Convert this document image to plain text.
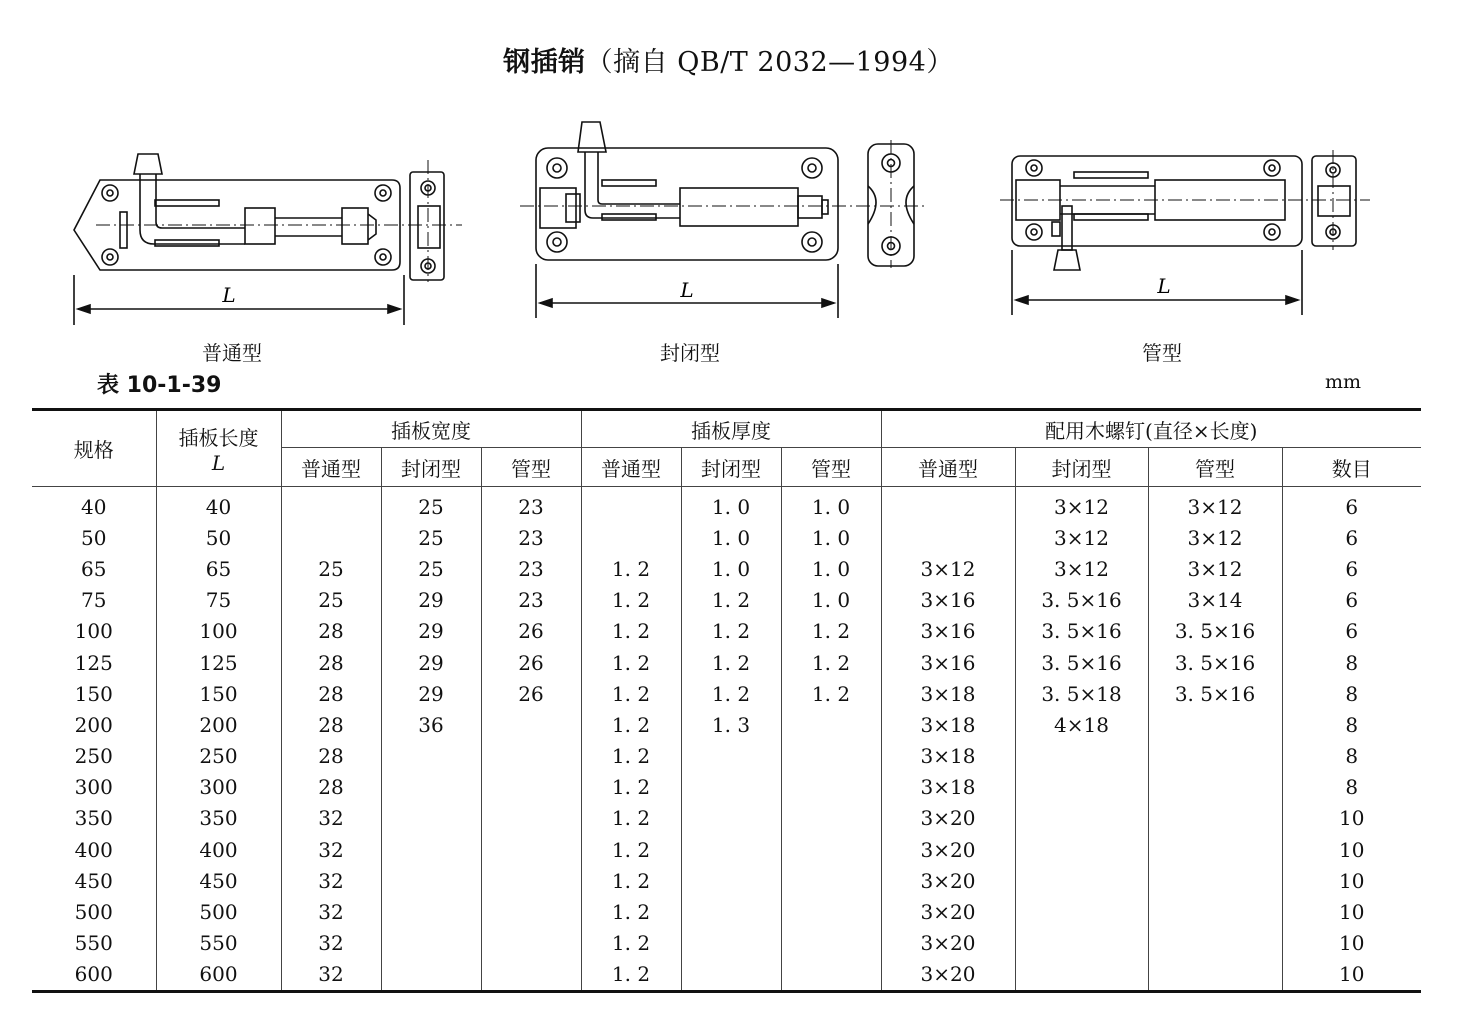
钢插销（摘自 QB/T 2032—1994）
L	L	L
普通型	封闭型	管型
表 10-1-39	mm
规格	插板长度
L	插板宽度			插板厚度			配用木螺钉(直径×长度)			
		普通型	封闭型	管型	普通型	封闭型	管型	普通型	封闭型	管型	数目
40	40		25	23		1. 0	1. 0		3×12	3×12	6
50	50		25	23		1. 0	1. 0		3×12	3×12	6
65	65	25	25	23	1. 2	1. 0	1. 0	3×12	3×12	3×12	6
75	75	25	29	23	1. 2	1. 2	1. 0	3×16	3. 5×16	3×14	6
100	100	28	29	26	1. 2	1. 2	1. 2	3×16	3. 5×16	3. 5×16	6
125	125	28	29	26	1. 2	1. 2	1. 2	3×16	3. 5×16	3. 5×16	8
150	150	28	29	26	1. 2	1. 2	1. 2	3×18	3. 5×18	3. 5×16	8
200	200	28	36		1. 2	1. 3		3×18	4×18		8
250	250	28			1. 2			3×18			8
300	300	28			1. 2			3×18			8
350	350	32			1. 2			3×20			10
400	400	32			1. 2			3×20			10
450	450	32			1. 2			3×20			10
500	500	32			1. 2			3×20			10
550	550	32			1. 2			3×20			10
600	600	32			1. 2			3×20			10
